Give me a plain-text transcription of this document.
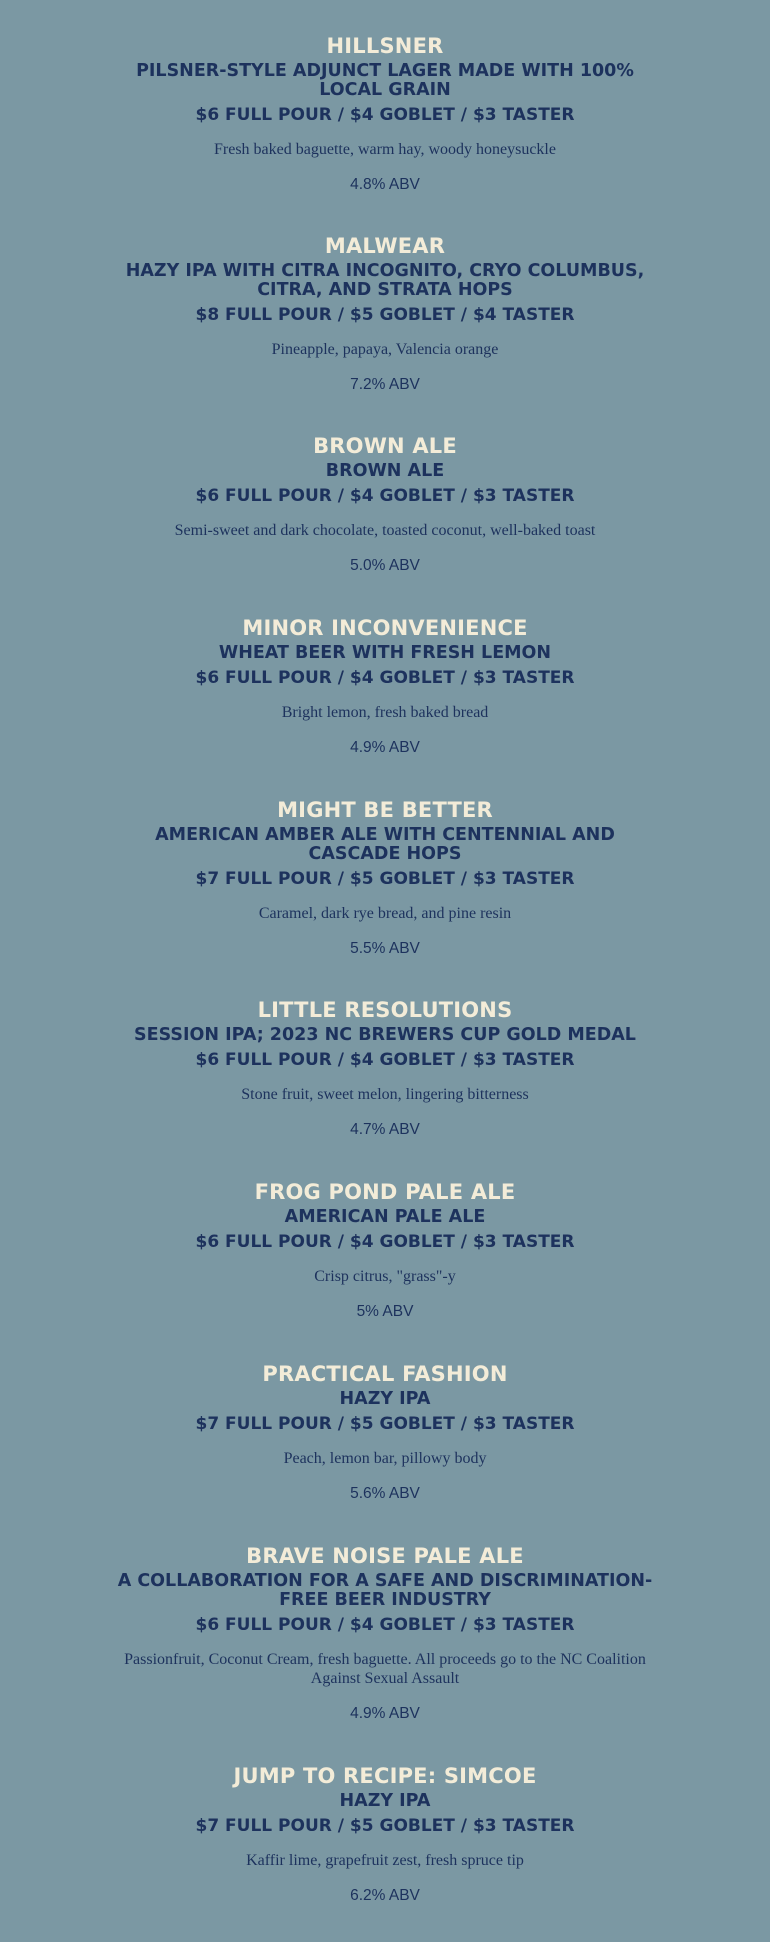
HILLSNER
PILSNER-STYLE ADJUNCT LAGER MADE WITH 100% LOCAL GRAIN
$6 FULL POUR / $4 GOBLET / $3 TASTER
Fresh baked baguette, warm hay, woody honeysuckle
4.8% ABV
MALWEAR
HAZY IPA WITH CITRA INCOGNITO, CRYO COLUMBUS, CITRA, AND STRATA HOPS
$8 FULL POUR / $5 GOBLET / $4 TASTER
Pineapple, papaya, Valencia orange
7.2% ABV
BROWN ALE
BROWN ALE
$6 FULL POUR / $4 GOBLET / $3 TASTER
Semi-sweet and dark chocolate, toasted coconut, well-baked toast
5.0% ABV
MINOR INCONVENIENCE
WHEAT BEER WITH FRESH LEMON
$6 FULL POUR / $4 GOBLET / $3 TASTER
Bright lemon, fresh baked bread
4.9% ABV
MIGHT BE BETTER
AMERICAN AMBER ALE WITH CENTENNIAL AND CASCADE HOPS
$7 FULL POUR / $5 GOBLET / $3 TASTER
Caramel, dark rye bread, and pine resin
5.5% ABV
LITTLE RESOLUTIONS
SESSION IPA; 2023 NC BREWERS CUP GOLD MEDAL
$6 FULL POUR / $4 GOBLET / $3 TASTER
Stone fruit, sweet melon, lingering bitterness
4.7% ABV
FROG POND PALE ALE
AMERICAN PALE ALE
$6 FULL POUR / $4 GOBLET / $3 TASTER
Crisp citrus, "grass"-y
5% ABV
PRACTICAL FASHION
HAZY IPA
$7 FULL POUR / $5 GOBLET / $3 TASTER
Peach, lemon bar, pillowy body
5.6% ABV
BRAVE NOISE PALE ALE
A COLLABORATION FOR A SAFE AND DISCRIMINATION-FREE BEER INDUSTRY
$6 FULL POUR / $4 GOBLET / $3 TASTER
Passionfruit, Coconut Cream, fresh baguette. All proceeds go to the NC Coalition Against Sexual Assault
4.9% ABV
JUMP TO RECIPE: SIMCOE
HAZY IPA
$7 FULL POUR / $5 GOBLET / $3 TASTER
Kaffir lime, grapefruit zest, fresh spruce tip
6.2% ABV
